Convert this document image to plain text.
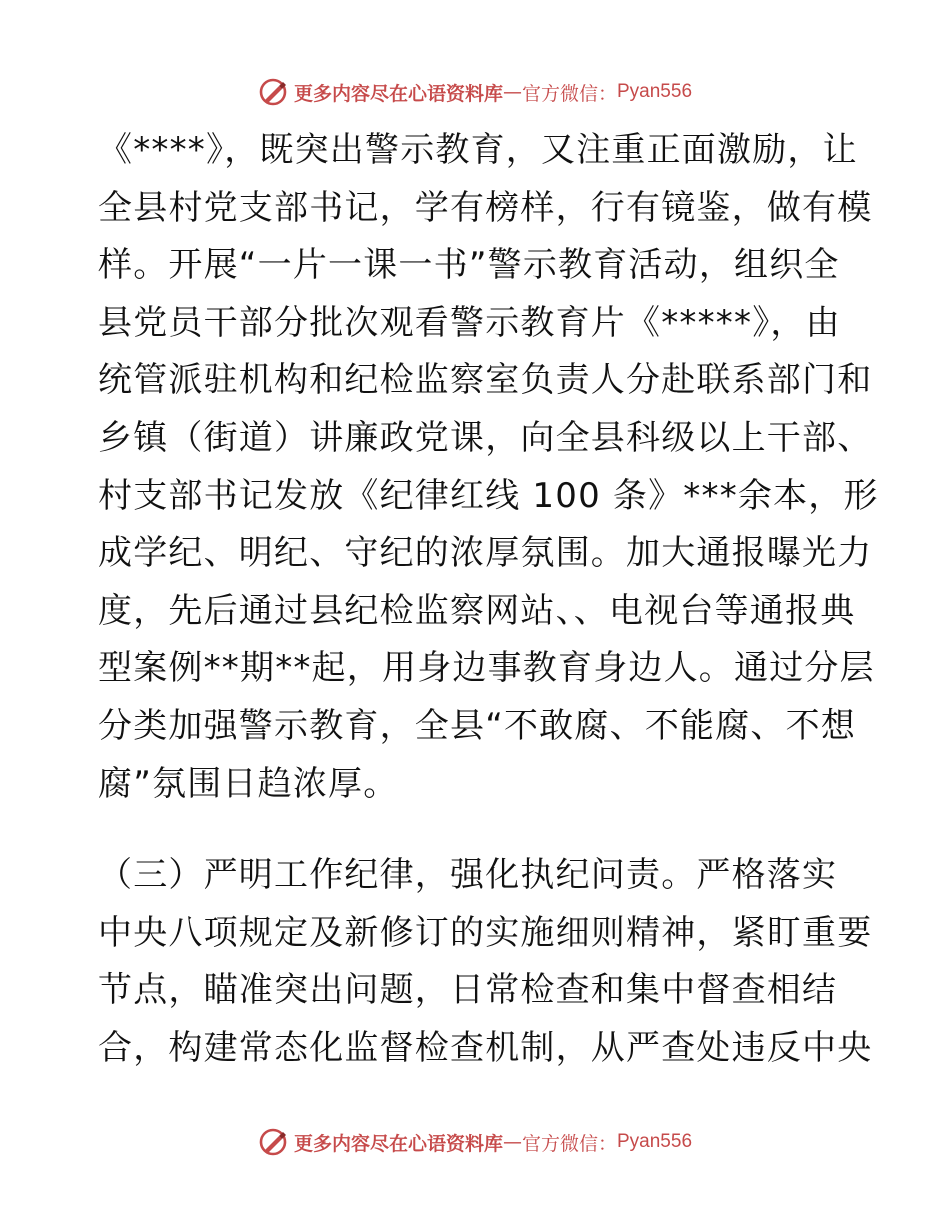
更多内容尽在心语资料库 — 官方微信： Pyan556

《****》，既突出警示教育，又注重正面激励，让
全县村党支部书记，学有榜样，行有镜鉴，做有模
样。开展“一片一课一书”警示教育活动，组织全
县党员干部分批次观看警示教育片《*****》，由
统管派驻机构和纪检监察室负责人分赴联系部门和
乡镇（街道）讲廉政党课，向全县科级以上干部、
村支部书记发放《纪律红线 100 条》***余本，形
成学纪、明纪、守纪的浓厚氛围。加大通报曝光力
度，先后通过县纪检监察网站、、电视台等通报典
型案例**期**起，用身边事教育身边人。通过分层
分类加强警示教育，全县“不敢腐、不能腐、不想
腐”氛围日趋浓厚。

（三）严明工作纪律，强化执纪问责。严格落实
中央八项规定及新修订的实施细则精神，紧盯重要
节点，瞄准突出问题，日常检查和集中督查相结
合，构建常态化监督检查机制，从严查处违反中央

更多内容尽在心语资料库 — 官方微信： Pyan556
